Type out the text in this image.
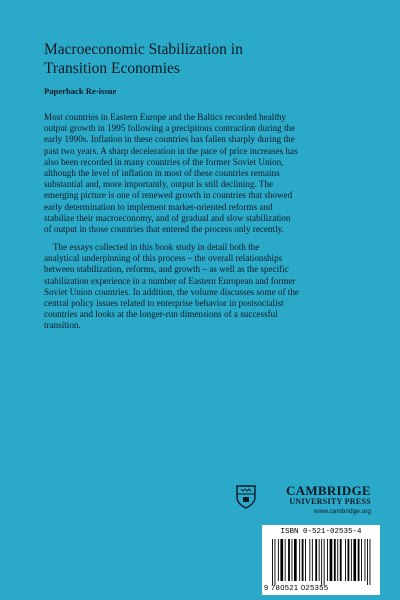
Macroeconomic Stabilization in
Transition Economies
Paperback Re-issue

Most countries in Eastern Europe and the Baltics recorded healthy
output growth in 1995 following a precipitous contraction during the
early 1990s. Inflation in these countries has fallen sharply during the
past two years. A sharp deceleration in the pace of price increases has
also been recorded in many countries of the former Soviet Union,
although the level of inflation in most of these countries remains
substantial and, more importantly, output is still declining. The
emerging picture is one of renewed growth in countries that showed
early determination to implement market-oriented reforms and
stabilize their macroeconomy, and of gradual and slow stabilization
of output in those countries that entered the process only recently.

The essays collected in this book study in detail both the
analytical underpinning of this process – the overall relationships
between stabilization, reforms, and growth – as well as the specific
stabilization experience in a number of Eastern European and former
Soviet Union countries. In addition, the volume discusses some of the
central policy issues related to enterprise behavior in postsocialist
countries and looks at the longer-run dimensions of a successful
transition.

CAMBRIDGE
UNIVERSITY PRESS
www.cambridge.org
ISBN 0-521-02535-4
9 780521 025355
